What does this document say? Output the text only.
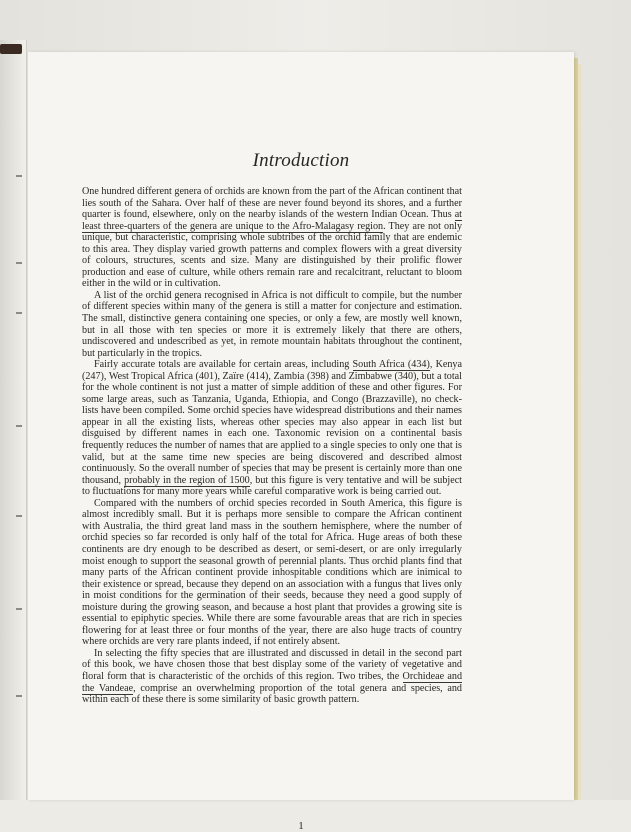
Introduction

One hundred different genera of orchids are known from the part of the African continent that lies south of the Sahara. Over half of these are never found beyond its shores, and a further quarter is found, elsewhere, only on the nearby islands of the western Indian Ocean. Thus at least three-quarters of the genera are unique to the Afro-Malagasy region. They are not only unique, but characteristic, comprising whole subtribes of the orchid family that are endemic to this area. They display varied growth patterns and complex flowers with a great diversity of colours, structures, scents and size. Many are distinguished by their prolific flower production and ease of culture, while others remain rare and recalcitrant, reluctant to bloom either in the wild or in cultivation.

A list of the orchid genera recognised in Africa is not difficult to compile, but the number of different species within many of the genera is still a matter for conjecture and estimation. The small, distinctive genera containing one species, or only a few, are mostly well known, but in all those with ten species or more it is extremely likely that there are others, undiscovered and undescribed as yet, in remote mountain habitats throughout the continent, but particularly in the tropics.

Fairly accurate totals are available for certain areas, including South Africa (434), Kenya (247), West Tropical Africa (401), Zaïre (414), Zambia (398) and Zimbabwe (340), but a total for the whole continent is not just a matter of simple addition of these and other figures. For some large areas, such as Tanzania, Uganda, Ethiopia, and Congo (Brazzaville), no check-lists have been compiled. Some orchid species have widespread distributions and their names appear in all the existing lists, whereas other species may also appear in each list but disguised by different names in each one. Taxonomic revision on a continental basis frequently reduces the number of names that are applied to a single species to only one that is valid, but at the same time new species are being discovered and described almost continuously. So the overall number of species that may be present is certainly more than one thousand, probably in the region of 1500, but this figure is very tentative and will be subject to fluctuations for many more years while careful comparative work is being carried out.

Compared with the numbers of orchid species recorded in South America, this figure is almost incredibly small. But it is perhaps more sensible to compare the African continent with Australia, the third great land mass in the southern hemisphere, where the number of orchid species so far recorded is only half of the total for Africa. Huge areas of both these continents are dry enough to be described as desert, or semi-desert, or are only irregularly moist enough to support the seasonal growth of perennial plants. Thus orchid plants find that many parts of the African continent provide inhospitable conditions which are inimical to their existence or spread, because they depend on an association with a fungus that lives only in moist conditions for the germination of their seeds, because they need a good supply of moisture during the growing season, and because a host plant that provides a growing site is essential to epiphytic species. While there are some favourable areas that are rich in species flowering for at least three or four months of the year, there are also huge tracts of country where orchids are very rare plants indeed, if not entirely absent.

In selecting the fifty species that are illustrated and discussed in detail in the second part of this book, we have chosen those that best display some of the variety of vegetative and floral form that is characteristic of the orchids of this region. Two tribes, the Orchideae and the Vandeae, comprise an overwhelming proportion of the total genera and species, and within each of these there is some similarity of basic growth pattern.

1
